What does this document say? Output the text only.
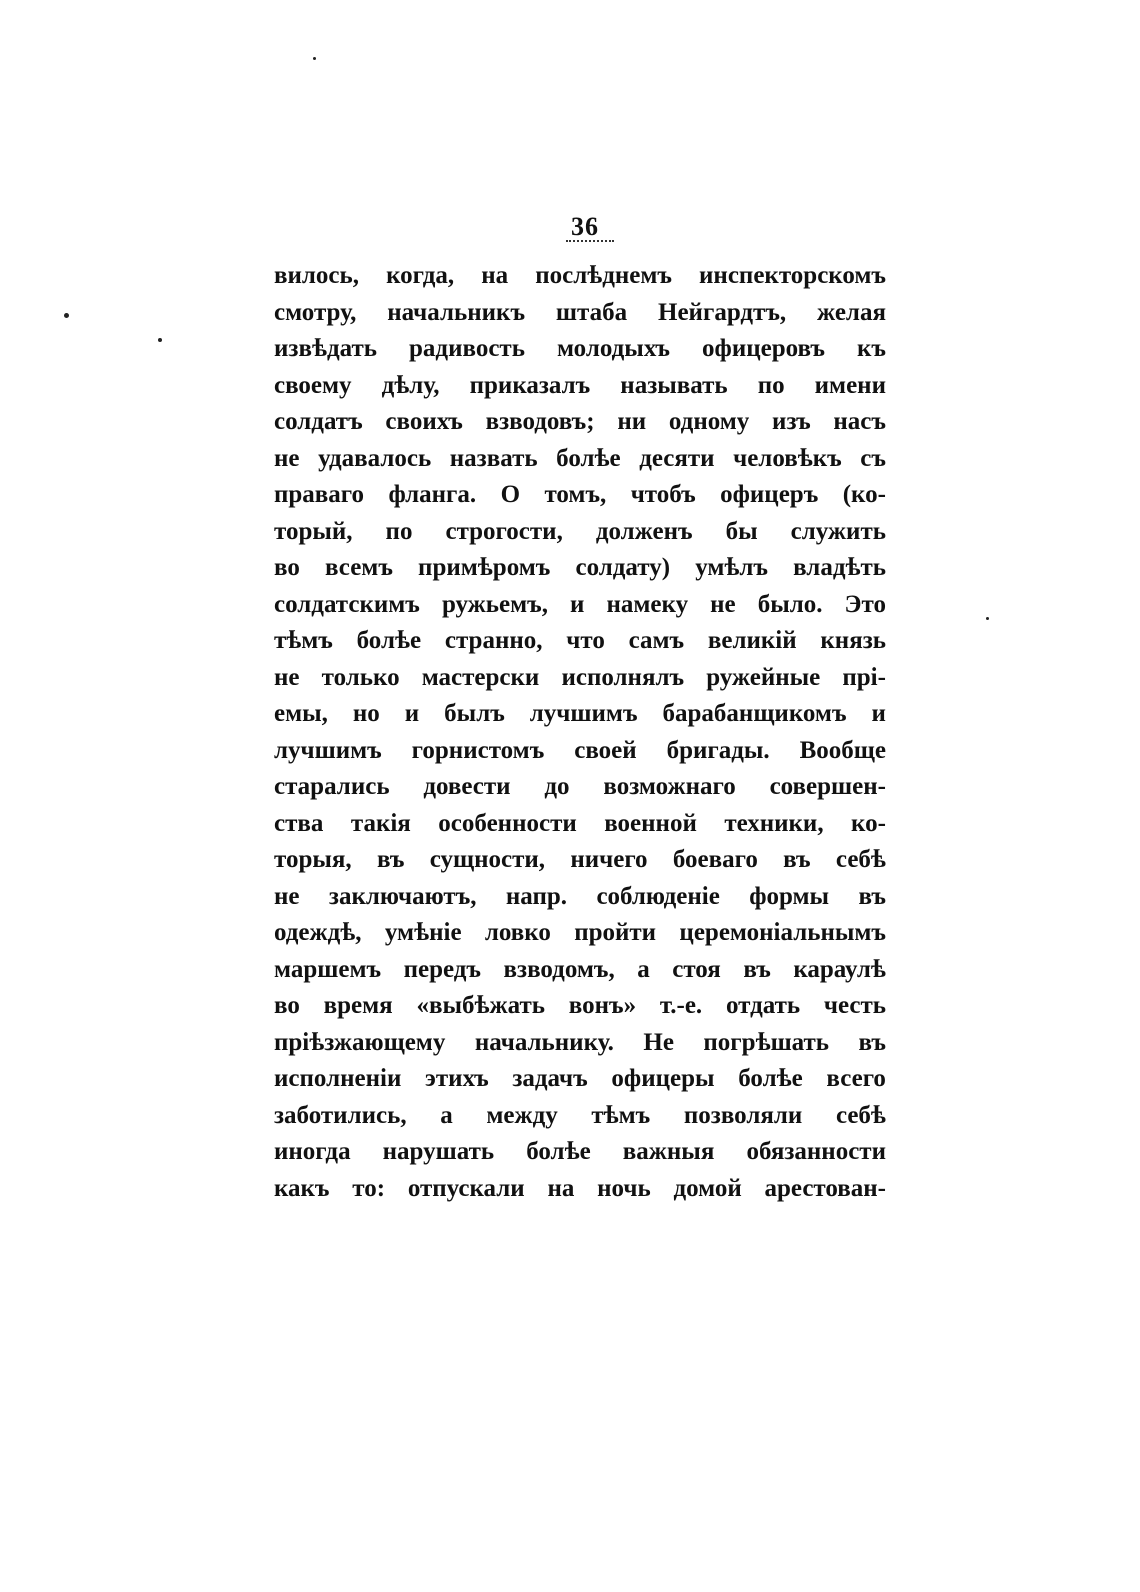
36
вилось, когда, на послѣднемъ инспекторскомъ
смотру, начальникъ штаба Нейгардтъ, желая
извѣдать радивость молодыхъ офицеровъ къ
своему дѣлу, приказалъ называть по имени
солдатъ своихъ взводовъ; ни одному изъ насъ
не удавалось назвать болѣе десяти человѣкъ съ
праваго фланга. О томъ, чтобъ офицеръ (ко-
торый, по строгости, долженъ бы служить
во всемъ примѣромъ солдату) умѣлъ владѣть
солдатскимъ ружьемъ, и намеку не было. Это
тѣмъ болѣе странно, что самъ великій князь
не только мастерски исполнялъ ружейные прі-
емы, но и былъ лучшимъ барабанщикомъ и
лучшимъ горнистомъ своей бригады. Вообще
старались довести до возможнаго совершен-
ства такія особенности военной техники, ко-
торыя, въ сущности, ничего боеваго въ себѣ
не заключаютъ, напр. соблюденіе формы въ
одеждѣ, умѣніе ловко пройти церемоніальнымъ
маршемъ передъ взводомъ, а стоя въ караулѣ
во время «выбѣжать вонъ» т.-е. отдать честь
пріѣзжающему начальнику. Не погрѣшать въ
исполненіи этихъ задачъ офицеры болѣе всего
заботились, а между тѣмъ позволяли себѣ
иногда нарушать болѣе важныя обязанности
какъ то: отпускали на ночь домой арестован-
